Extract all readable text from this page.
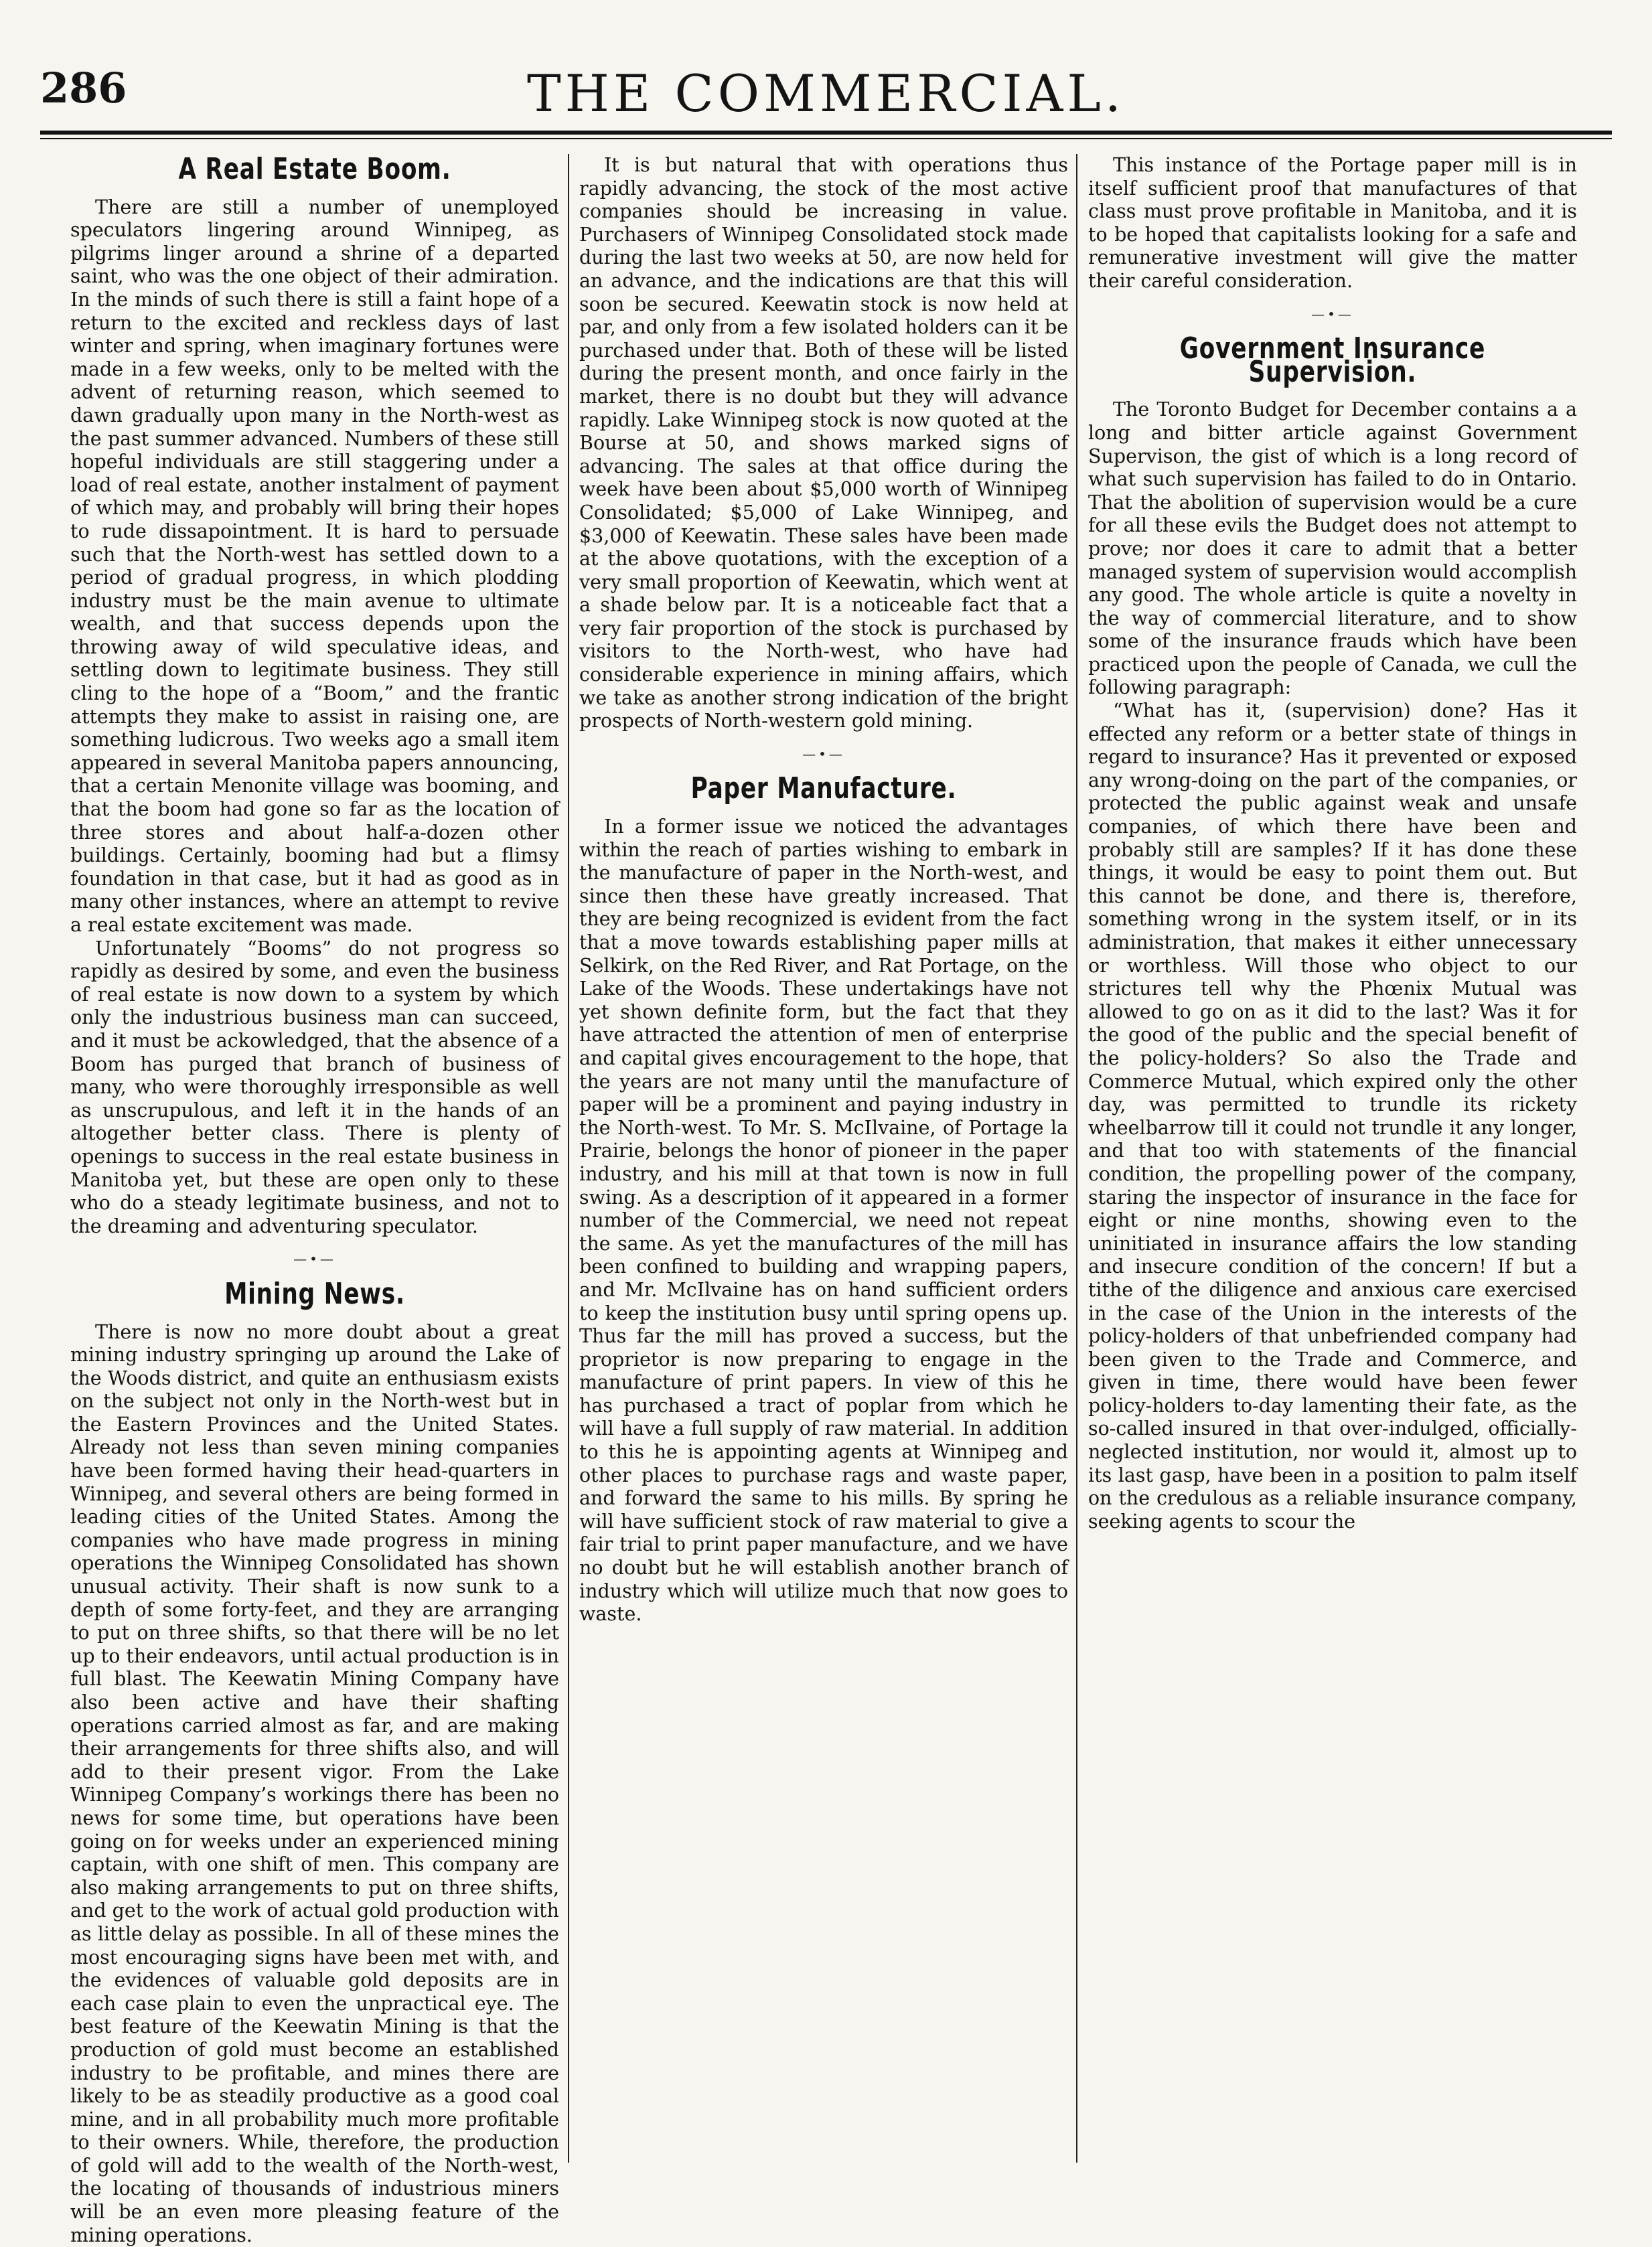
286	THE COMMERCIAL.
A Real Estate Boom.

There are still a number of unemployed speculators lingering around Winnipeg, as pilgrims linger around a shrine of a departed saint, who was the one object of their admiration. In the minds of such there is still a faint hope of a return to the excited and reckless days of last winter and spring, when imaginary fortunes were made in a few weeks, only to be melted with the advent of returning reason, which seemed to dawn gradually upon many in the North-west as the past summer advanced. Numbers of these still hopeful individuals are still staggering under a load of real estate, another instalment of payment of which may, and probably will bring their hopes to rude dissapointment. It is hard to persuade such that the North-west has settled down to a period of gradual progress, in which plodding industry must be the main avenue to ultimate wealth, and that success depends upon the throwing away of wild speculative ideas, and settling down to legitimate business. They still cling to the hope of a “Boom,” and the frantic attempts they make to assist in raising one, are something ludicrous. Two weeks ago a small item appeared in several Manitoba papers announcing, that a certain Menonite village was booming, and that the boom had gone so far as the location of three stores and about half-a-dozen other buildings. Certainly, booming had but a flimsy foundation in that case, but it had as good as in many other instances, where an attempt to revive a real estate excitement was made.

Unfortunately “Booms” do not progress so rapidly as desired by some, and even the business of real estate is now down to a system by which only the industrious business man can succeed, and it must be ackowledged, that the absence of a Boom has purged that branch of business of many, who were thoroughly irresponsible as well as unscrupulous, and left it in the hands of an altogether better class. There is plenty of openings to success in the real estate business in Manitoba yet, but these are open only to these who do a steady legitimate business, and not to the dreaming and adventuring speculator.

—•—
Mining News.

There is now no more doubt about a great mining industry springing up around the Lake of the Woods district, and quite an enthusiasm exists on the subject not only in the North-west but in the Eastern Provinces and the United States. Already not less than seven mining companies have been formed having their head-quarters in Winnipeg, and several others are being formed in leading cities of the United States. Among the companies who have made progress in mining operations the Winnipeg Consolidated has shown unusual activity. Their shaft is now sunk to a depth of some forty-feet, and they are arranging to put on three shifts, so that there will be no let up to their endeavors, until actual production is in full blast. The Keewatin Mining Company have also been active and have their shafting operations carried almost as far, and are making their arrangements for three shifts also, and will add to their present vigor. From the Lake Winnipeg Company’s workings there has been no news for some time, but operations have been going on for weeks under an experienced mining captain, with one shift of men. This company are also making arrangements to put on three shifts, and get to the work of actual gold production with as little delay as possible. In all of these mines the most encouraging signs have been met with, and the evidences of valuable gold deposits are in each case plain to even the unpractical eye. The best feature of the Keewatin Mining is that the production of gold must become an established industry to be profitable, and mines there are likely to be as steadily productive as a good coal mine, and in all probability much more profitable to their owners. While, therefore, the production of gold will add to the wealth of the North-west, the locating of thousands of industrious miners will be an even more pleasing feature of the mining operations.

It is but natural that with operations thus rapidly advancing, the stock of the most active companies should be increasing in value. Purchasers of Winnipeg Consolidated stock made during the last two weeks at 50, are now held for an advance, and the indications are that this will soon be secured. Keewatin stock is now held at par, and only from a few isolated holders can it be purchased under that. Both of these will be listed during the present month, and once fairly in the market, there is no doubt but they will advance rapidly. Lake Winnipeg stock is now quoted at the Bourse at 50, and shows marked signs of advancing. The sales at that office during the week have been about $5,000 worth of Winnipeg Consolidated; $5,000 of Lake Winnipeg, and $3,000 of Keewatin. These sales have been made at the above quotations, with the exception of a very small proportion of Keewatin, which went at a shade below par. It is a noticeable fact that a very fair proportion of the stock is purchased by visitors to the North-west, who have had considerable experience in mining affairs, which we take as another strong indication of the bright prospects of North-western gold mining.

—•—
Paper Manufacture.

In a former issue we noticed the advantages within the reach of parties wishing to embark in the manufacture of paper in the North-west, and since then these have greatly increased. That they are being recognized is evident from the fact that a move towards establishing paper mills at Selkirk, on the Red River, and Rat Portage, on the Lake of the Woods. These undertakings have not yet shown definite form, but the fact that they have attracted the attention of men of enterprise and capital gives encouragement to the hope, that the years are not many until the manufacture of paper will be a prominent and paying industry in the North-west. To Mr. S. McIlvaine, of Portage la Prairie, belongs the honor of pioneer in the paper industry, and his mill at that town is now in full swing. As a description of it appeared in a former number of the Commercial, we need not repeat the same. As yet the manufactures of the mill has been confined to building and wrapping papers, and Mr. McIlvaine has on hand sufficient orders to keep the institution busy until spring opens up. Thus far the mill has proved a success, but the proprietor is now preparing to engage in the manufacture of print papers. In view of this he has purchased a tract of poplar from which he will have a full supply of raw material. In addition to this he is appointing agents at Winnipeg and other places to purchase rags and waste paper, and forward the same to his mills. By spring he will have sufficient stock of raw material to give a fair trial to print paper manufacture, and we have no doubt but he will establish another branch of industry which will utilize much that now goes to waste.

This instance of the Portage paper mill is in itself sufficient proof that manufactures of that class must prove profitable in Manitoba, and it is to be hoped that capitalists looking for a safe and remunerative investment will give the matter their careful consideration.

—•—
Government Insurance Supervision.

The Toronto Budget for December contains a a long and bitter article against Government Supervison, the gist of which is a long record of what such supervision has failed to do in Ontario. That the abolition of supervision would be a cure for all these evils the Budget does not attempt to prove; nor does it care to admit that a better managed system of supervision would accomplish any good. The whole article is quite a novelty in the way of commercial literature, and to show some of the insurance frauds which have been practiced upon the people of Canada, we cull the following paragraph:

“What has it, (supervision) done? Has it effected any reform or a better state of things in regard to insurance? Has it prevented or exposed any wrong-doing on the part of the companies, or protected the public against weak and unsafe companies, of which there have been and probably still are samples? If it has done these things, it would be easy to point them out. But this cannot be done, and there is, therefore, something wrong in the system itself, or in its administration, that makes it either unnecessary or worthless. Will those who object to our strictures tell why the Phœnix Mutual was allowed to go on as it did to the last? Was it for the good of the public and the special benefit of the policy-holders? So also the Trade and Commerce Mutual, which expired only the other day, was permitted to trundle its rickety wheelbarrow till it could not trundle it any longer, and that too with statements of the financial condition, the propelling power of the company, staring the inspector of insurance in the face for eight or nine months, showing even to the uninitiated in insurance affairs the low standing and insecure condition of the concern! If but a tithe of the diligence and anxious care exercised in the case of the Union in the interests of the policy-holders of that unbefriended company had been given to the Trade and Commerce, and given in time, there would have been fewer policy-holders to-day lamenting their fate, as the so-called insured in that over-indulged, officially-neglected institution, nor would it, almost up to its last gasp, have been in a position to palm itself on the credulous as a reliable insurance company, seeking agents to scour the
